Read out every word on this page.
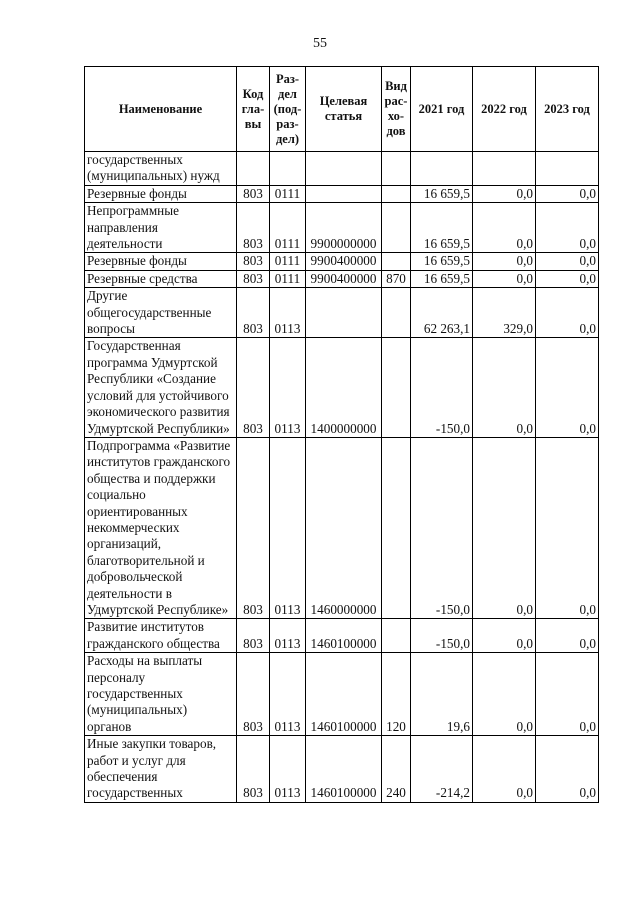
55
Наименование	Код гла- вы	Раз- дел (под- раз- дел)	Целевая статья	Вид рас- хо- дов	2021 год	2022 год	2023 год
государственных (муниципальных) нужд							
Резервные фонды	803	0111			16 659,5	0,0	0,0
Непрограммные направления деятельности	803	0111	9900000000		16 659,5	0,0	0,0
Резервные фонды	803	0111	9900400000		16 659,5	0,0	0,0
Резервные средства	803	0111	9900400000	870	16 659,5	0,0	0,0
Другие общегосударственные вопросы	803	0113			62 263,1	329,0	0,0
Государственная программа Удмуртской Республики «Создание условий для устойчивого экономического развития Удмуртской Республики»	803	0113	1400000000		-150,0	0,0	0,0
Подпрограмма «Развитие институтов гражданского общества и поддержки социально ориентированных некоммерческих организаций, благотворительной и добровольческой деятельности в Удмуртской Республике»	803	0113	1460000000		-150,0	0,0	0,0
Развитие институтов гражданского общества	803	0113	1460100000		-150,0	0,0	0,0
Расходы на выплаты персоналу государственных (муниципальных) органов	803	0113	1460100000	120	19,6	0,0	0,0
Иные закупки товаров, работ и услуг для обеспечения государственных	803	0113	1460100000	240	-214,2	0,0	0,0
